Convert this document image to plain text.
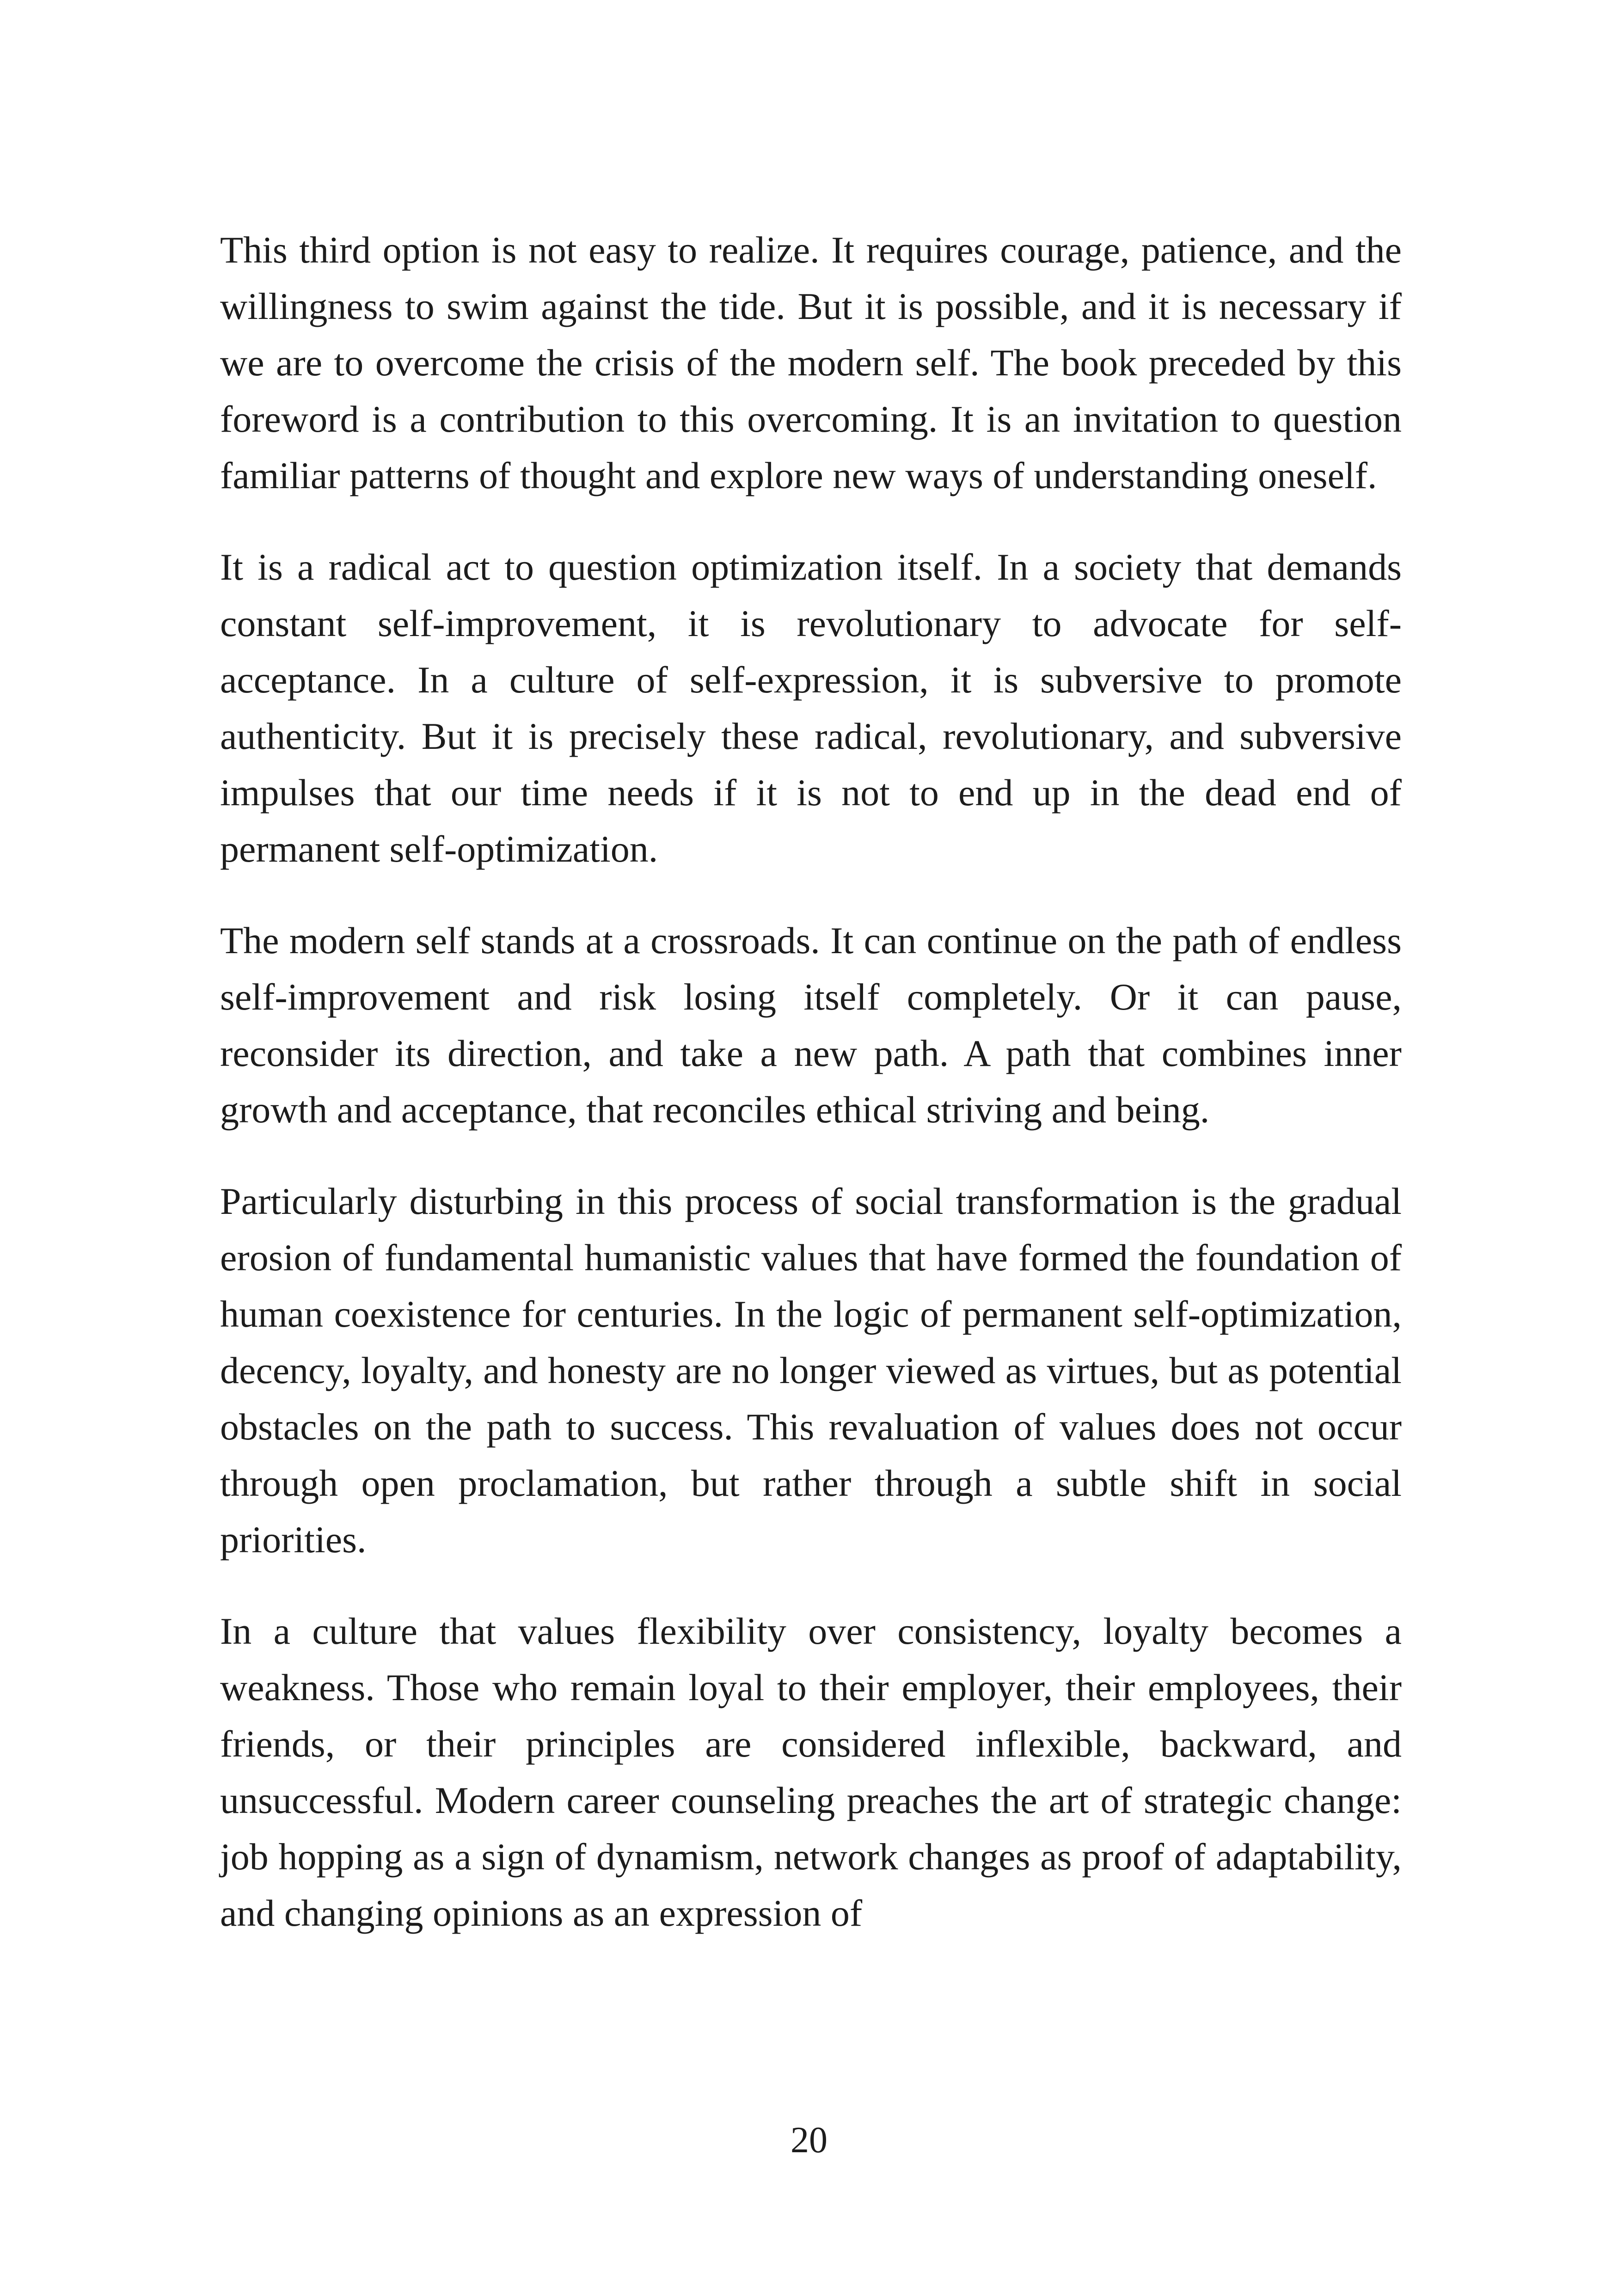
This third option is not easy to realize. It requires courage, patience, and the willingness to swim against the tide. But it is possible, and it is necessary if we are to overcome the crisis of the modern self. The book preceded by this foreword is a contribution to this overcoming. It is an invitation to question familiar patterns of thought and explore new ways of understanding oneself.

It is a radical act to question optimization itself. In a society that demands constant self-improvement, it is revolutionary to advocate for self-acceptance. In a culture of self-expression, it is subversive to promote authenticity. But it is precisely these radical, revolutionary, and subversive impulses that our time needs if it is not to end up in the dead end of permanent self-optimization.

The modern self stands at a crossroads. It can continue on the path of endless self-improvement and risk losing itself completely. Or it can pause, reconsider its direction, and take a new path. A path that combines inner growth and acceptance, that reconciles ethical striving and being.

Particularly disturbing in this process of social transformation is the gradual erosion of fundamental humanistic values that have formed the foundation of human coexistence for centuries. In the logic of permanent self-optimization, decency, loyalty, and honesty are no longer viewed as virtues, but as potential obstacles on the path to success. This revaluation of values does not occur through open proclamation, but rather through a subtle shift in social priorities.

In a culture that values flexibility over consistency, loyalty becomes a weakness. Those who remain loyal to their employer, their employees, their friends, or their principles are considered inflexible, backward, and unsuccessful. Modern career counseling preaches the art of strategic change: job hopping as a sign of dynamism, network changes as proof of adaptability, and changing opinions as an expression of

20
